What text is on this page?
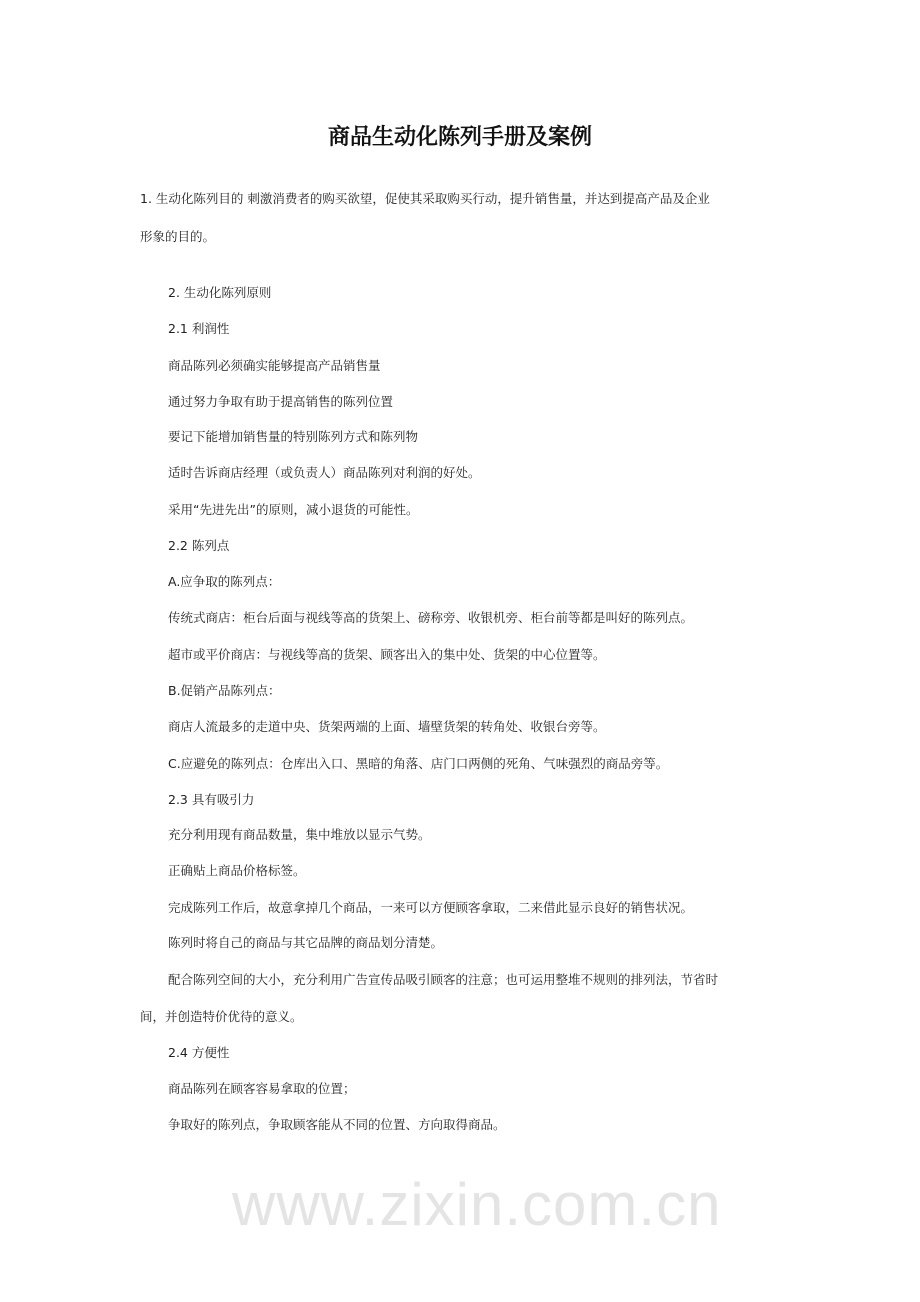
www.zixin.com.cn
商品生动化陈列手册及案例
1. 生动化陈列目的 刺激消费者的购买欲望，促使其采取购买行动，提升销售量，并达到提高产品及企业
形象的目的。
2. 生动化陈列原则
2.1 利润性
商品陈列必须确实能够提高产品销售量
通过努力争取有助于提高销售的陈列位置
要记下能增加销售量的特别陈列方式和陈列物
适时告诉商店经理（或负责人）商品陈列对利润的好处。
采用“先进先出”的原则，减小退货的可能性。
2.2 陈列点
A.应争取的陈列点：
传统式商店：柜台后面与视线等高的货架上、磅称旁、收银机旁、柜台前等都是叫好的陈列点。
超市或平价商店：与视线等高的货架、顾客出入的集中处、货架的中心位置等。
B.促销产品陈列点：
商店人流最多的走道中央、货架两端的上面、墙壁货架的转角处、收银台旁等。
C.应避免的陈列点：仓库出入口、黑暗的角落、店门口两侧的死角、气味强烈的商品旁等。
2.3 具有吸引力
充分利用现有商品数量，集中堆放以显示气势。
正确贴上商品价格标签。
完成陈列工作后，故意拿掉几个商品，一来可以方便顾客拿取，二来借此显示良好的销售状况。
陈列时将自己的商品与其它品牌的商品划分清楚。
配合陈列空间的大小，充分利用广告宣传品吸引顾客的注意；也可运用整堆不规则的排列法，节省时
间，并创造特价优待的意义。
2.4 方便性
商品陈列在顾客容易拿取的位置；
争取好的陈列点，争取顾客能从不同的位置、方向取得商品。
